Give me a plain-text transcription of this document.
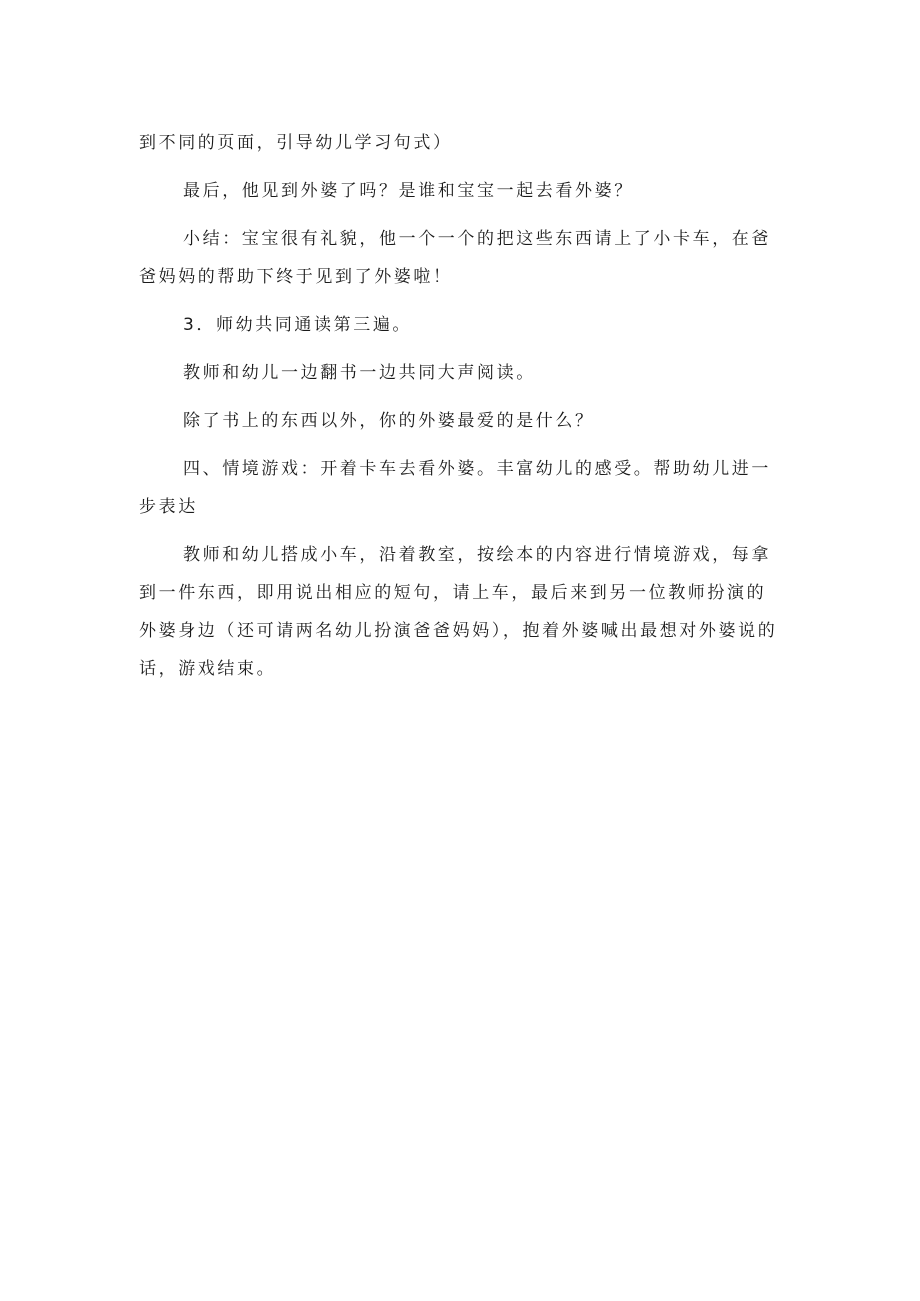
到不同的页面，引导幼儿学习句式）

最后，他见到外婆了吗？是谁和宝宝一起去看外婆？

小结：宝宝很有礼貌，他一个一个的把这些东西请上了小卡车，在爸爸妈妈的帮助下终于见到了外婆啦！

3．师幼共同通读第三遍。

教师和幼儿一边翻书一边共同大声阅读。

除了书上的东西以外，你的外婆最爱的是什么？

四、情境游戏：开着卡车去看外婆。丰富幼儿的感受。帮助幼儿进一步表达

教师和幼儿搭成小车，沿着教室，按绘本的内容进行情境游戏，每拿到一件东西，即用说出相应的短句，请上车，最后来到另一位教师扮演的外婆身边（还可请两名幼儿扮演爸爸妈妈），抱着外婆喊出最想对外婆说的话，游戏结束。
